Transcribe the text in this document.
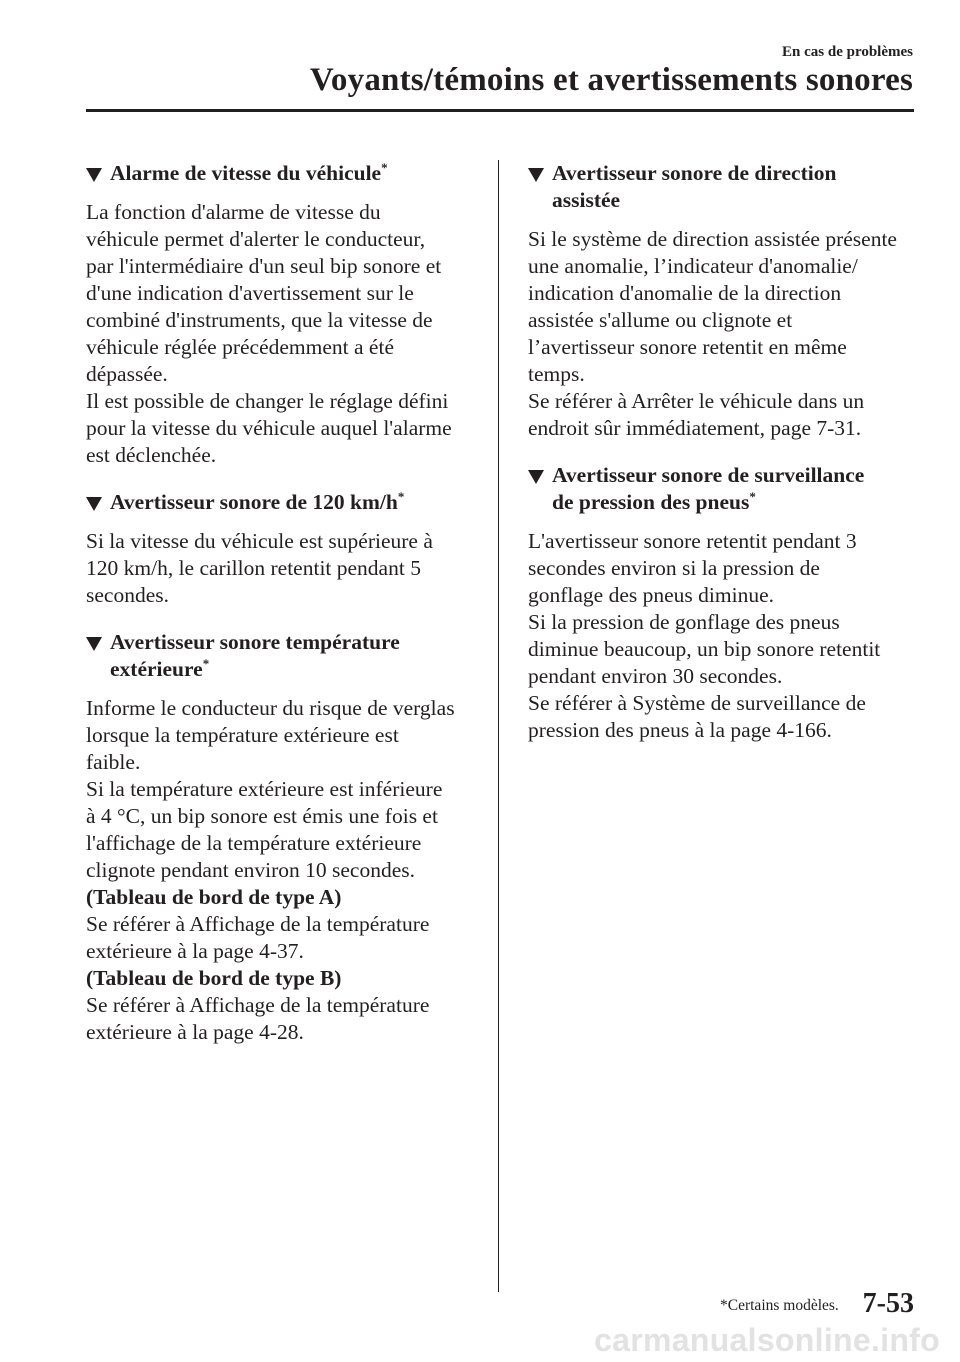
En cas de problèmes

Voyants/témoins et avertissements sonores
Alarme de vitesse du véhicule*
La fonction d'alarme de vitesse du
véhicule permet d'alerter le conducteur,
par l'intermédiaire d'un seul bip sonore et
d'une indication d'avertissement sur le
combiné d'instruments, que la vitesse de
véhicule réglée précédemment a été
dépassée.
Il est possible de changer le réglage défini
pour la vitesse du véhicule auquel l'alarme
est déclenchée.
Avertisseur sonore de 120 km/h*
Si la vitesse du véhicule est supérieure à
120 km/h, le carillon retentit pendant 5
secondes.
Avertisseur sonore température
extérieure*
Informe le conducteur du risque de verglas
lorsque la température extérieure est
faible.
Si la température extérieure est inférieure
à 4 °C, un bip sonore est émis une fois et
l'affichage de la température extérieure
clignote pendant environ 10 secondes.
(Tableau de bord de type A)
Se référer à Affichage de la température
extérieure à la page 4-37.
(Tableau de bord de type B)
Se référer à Affichage de la température
extérieure à la page 4-28.
Avertisseur sonore de direction
assistée
Si le système de direction assistée présente
une anomalie, l’indicateur d'anomalie/
indication d'anomalie de la direction
assistée s'allume ou clignote et
l’avertisseur sonore retentit en même
temps.
Se référer à Arrêter le véhicule dans un
endroit sûr immédiatement, page 7-31.
Avertisseur sonore de surveillance
de pression des pneus*
L'avertisseur sonore retentit pendant 3
secondes environ si la pression de
gonflage des pneus diminue.
Si la pression de gonflage des pneus
diminue beaucoup, un bip sonore retentit
pendant environ 30 secondes.
Se référer à Système de surveillance de
pression des pneus à la page 4-166.

*Certains modèles. 7-53

carmanualsonline.info
